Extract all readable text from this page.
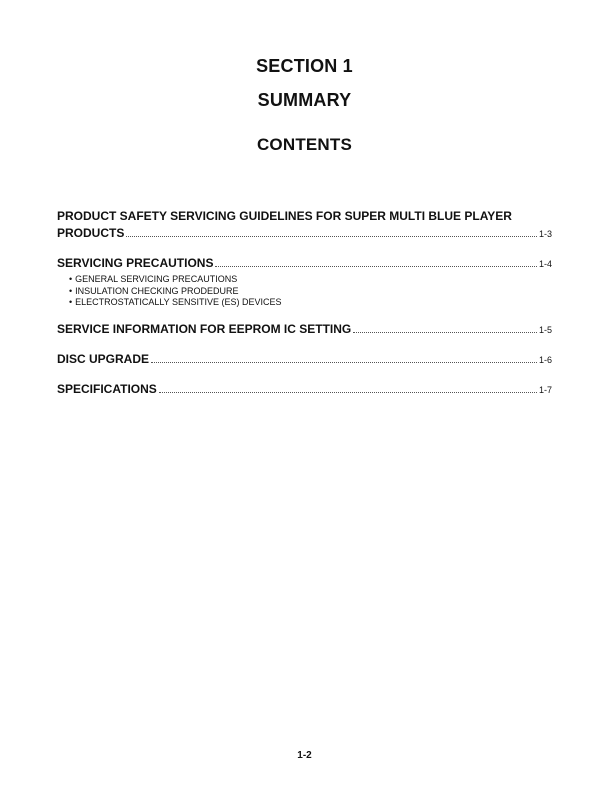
SECTION 1
SUMMARY
CONTENTS
PRODUCT SAFETY SERVICING GUIDELINES FOR SUPER MULTI BLUE PLAYER
PRODUCTS	1-3
SERVICING PRECAUTIONS	1-4
• GENERAL SERVICING PRECAUTIONS
• INSULATION CHECKING PRODEDURE
• ELECTROSTATICALLY SENSITIVE (ES) DEVICES
SERVICE INFORMATION FOR EEPROM IC SETTING	1-5
DISC UPGRADE	1-6
SPECIFICATIONS	1-7
1-2
